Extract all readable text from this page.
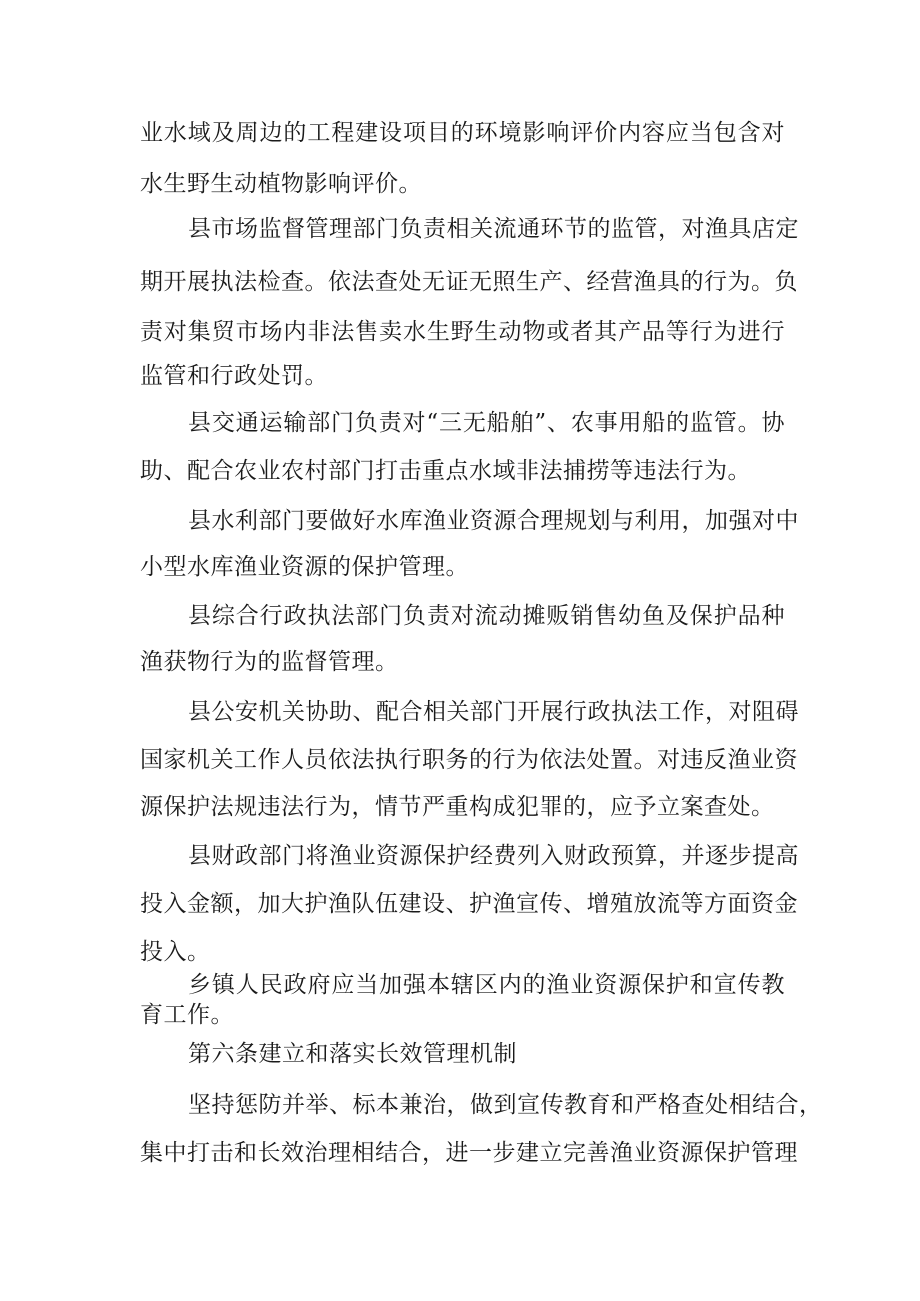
业水域及周边的工程建设项目的环境影响评价内容应当包含对
水生野生动植物影响评价。
县市场监督管理部门负责相关流通环节的监管，对渔具店定
期开展执法检查。依法查处无证无照生产、经营渔具的行为。负
责对集贸市场内非法售卖水生野生动物或者其产品等行为进行
监管和行政处罚。
县交通运输部门负责对“三无船舶”、农事用船的监管。协
助、配合农业农村部门打击重点水域非法捕捞等违法行为。
县水利部门要做好水库渔业资源合理规划与利用，加强对中
小型水库渔业资源的保护管理。
县综合行政执法部门负责对流动摊贩销售幼鱼及保护品种
渔获物行为的监督管理。
县公安机关协助、配合相关部门开展行政执法工作，对阻碍
国家机关工作人员依法执行职务的行为依法处置。对违反渔业资
源保护法规违法行为，情节严重构成犯罪的，应予立案查处。
县财政部门将渔业资源保护经费列入财政预算，并逐步提高
投入金额，加大护渔队伍建设、护渔宣传、增殖放流等方面资金
投入。
乡镇人民政府应当加强本辖区内的渔业资源保护和宣传教
育工作。
第六条建立和落实长效管理机制
坚持惩防并举、标本兼治，做到宣传教育和严格查处相结合，
集中打击和长效治理相结合，进一步建立完善渔业资源保护管理
